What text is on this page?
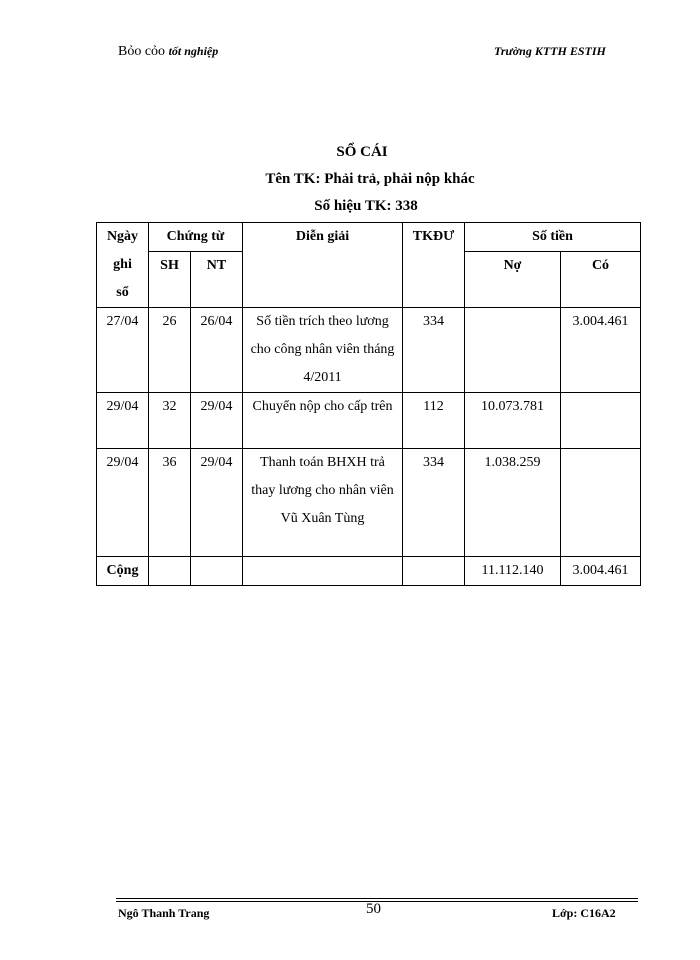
Bỏo cỏo tốt nghiệp	Trường KTTH ESTIH
SỔ CÁI
Tên TK: Phải trả, phải nộp khác
Số hiệu TK: 338
Ngày
ghi
sổ	Chứng từ		Diễn giải	TKĐƯ	Số tiền	
	SH	NT			Nợ	Có
27/04	26	26/04	Số tiền trích theo lương cho công nhân viên tháng 4/2011	334		3.004.461
29/04	32	29/04	Chuyển nộp cho cấp trên	112	10.073.781	
29/04	36	29/04	Thanh toán BHXH trả thay lương cho nhân viên Vũ Xuân Tùng	334	1.038.259	
Cộng					11.112.140	3.004.461
Ngô Thanh Trang	50	Lớp: C16A2
